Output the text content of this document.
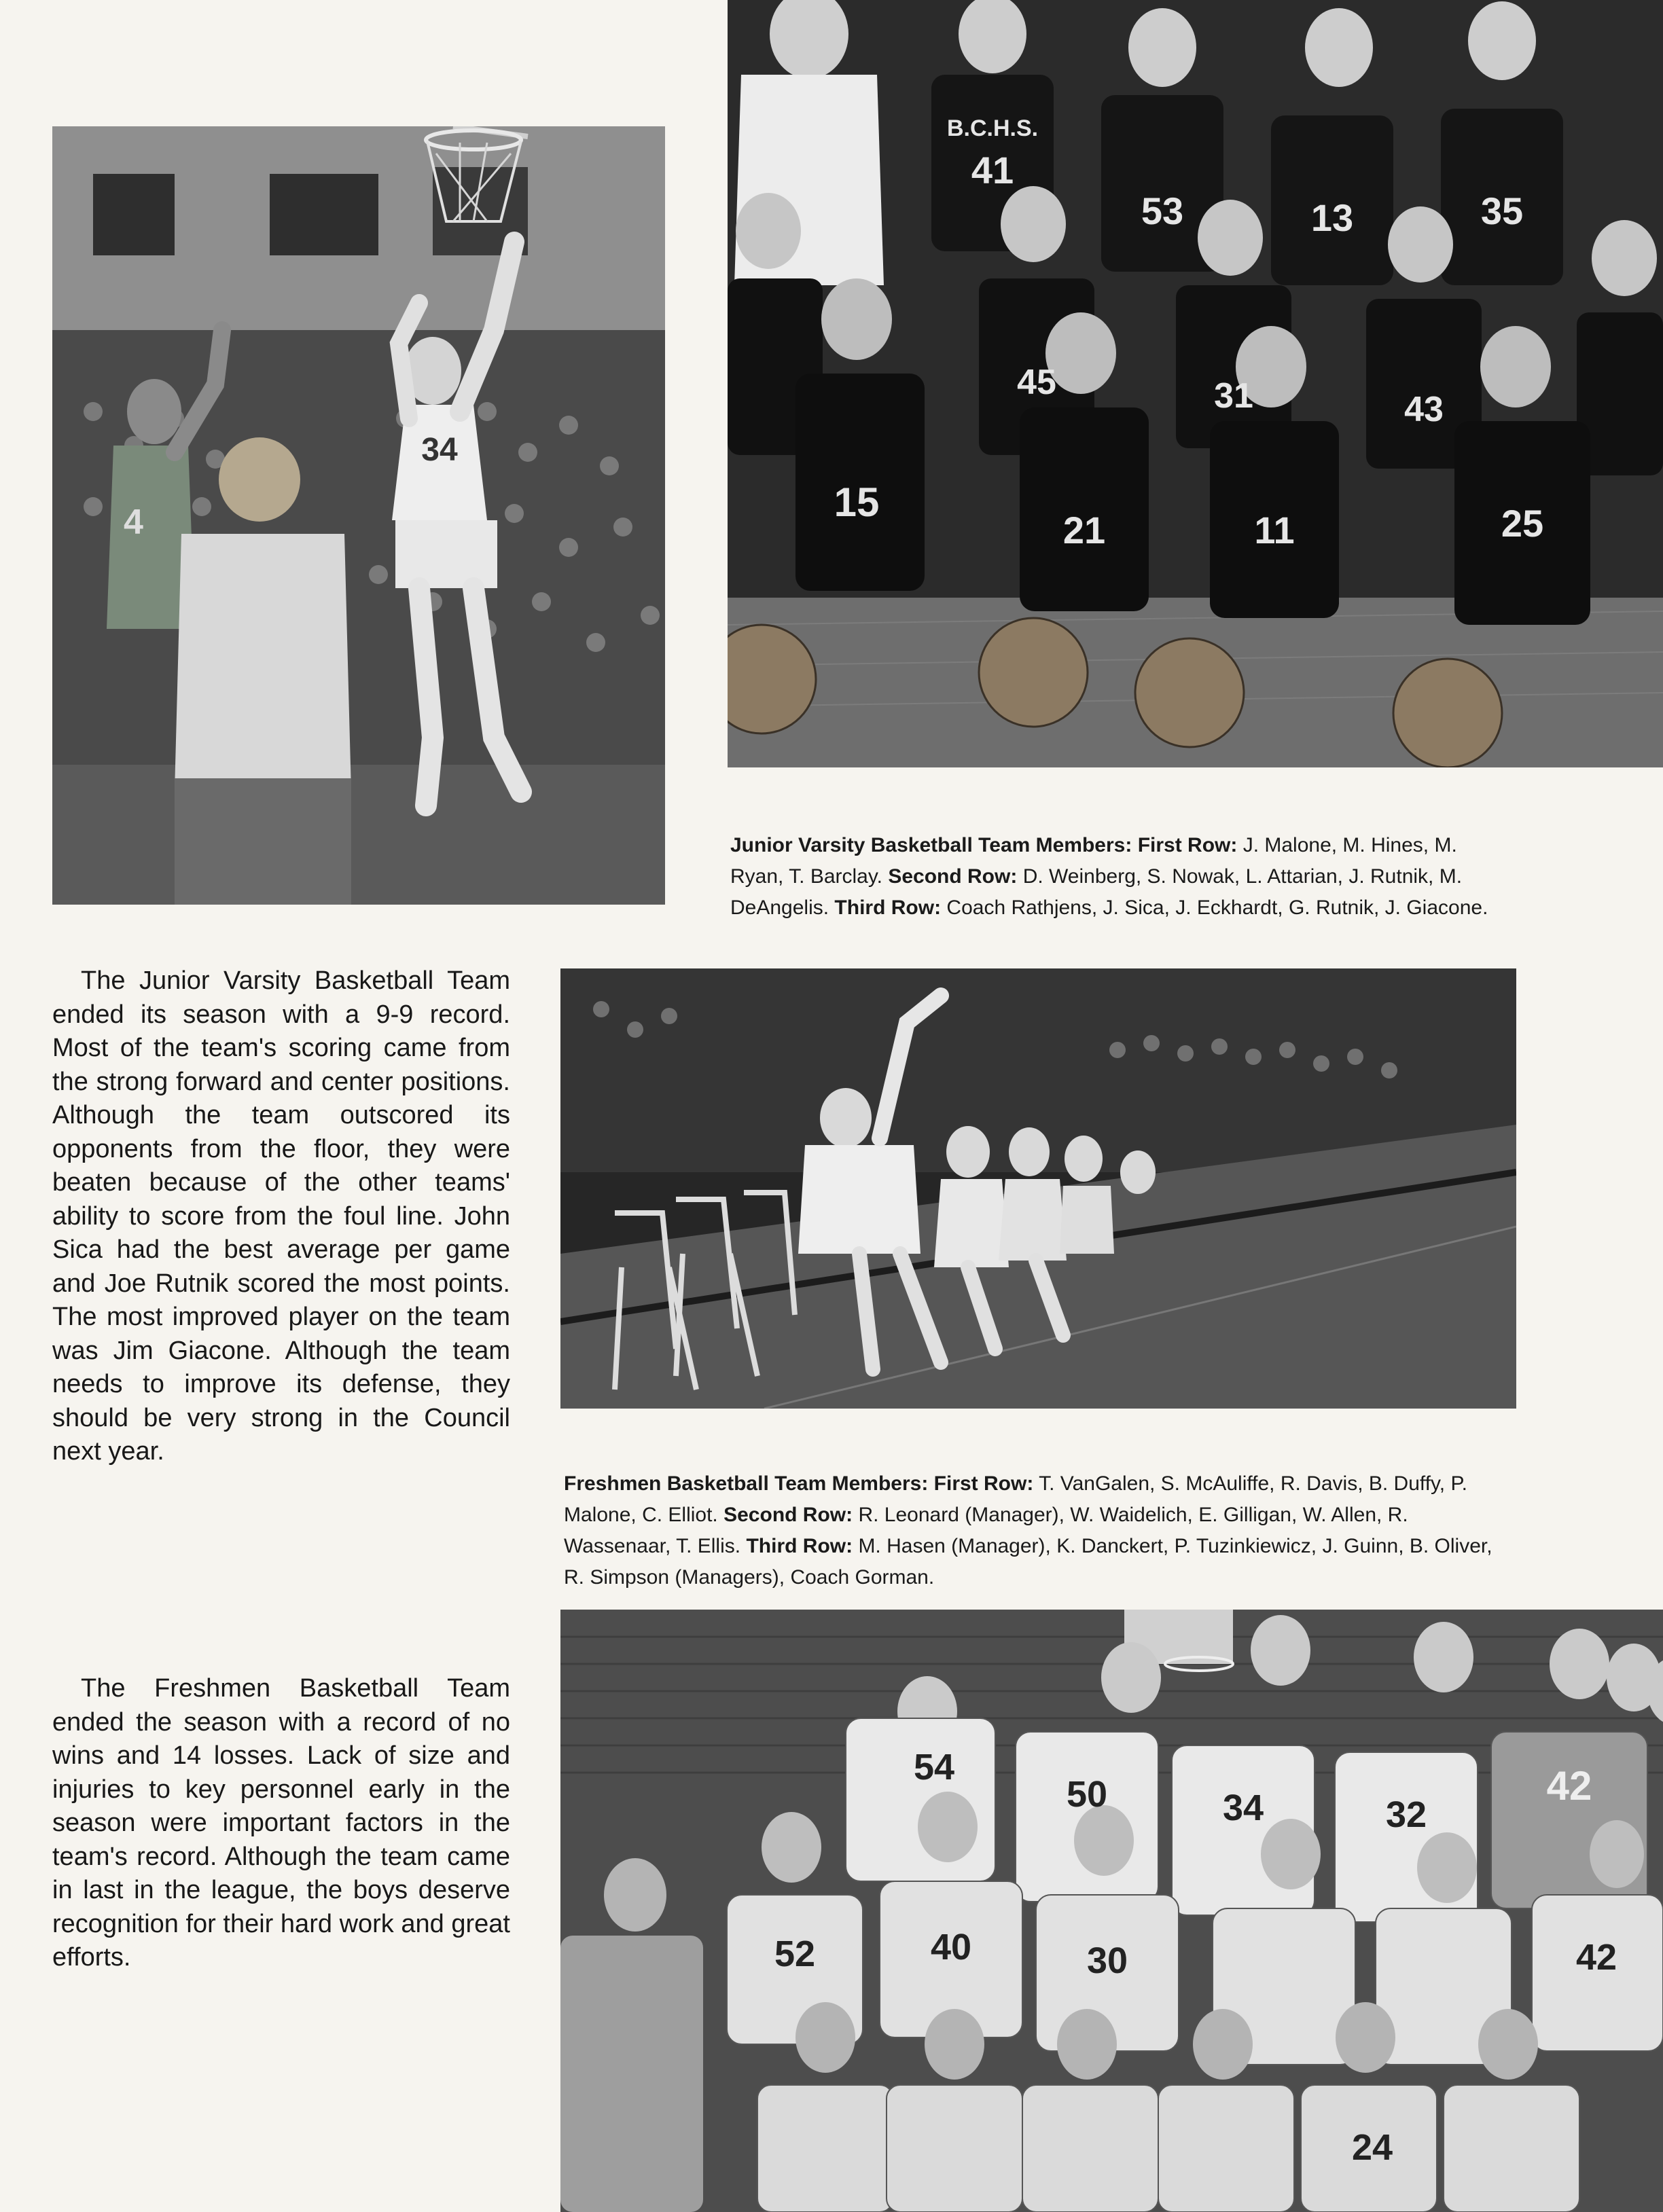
34
4
B.C.H.S.
41
53	13	35
45	31	43
15
21	11	25
Junior Varsity Basketball Team Members: First Row: J. Malone, M. Hines, M. Ryan, T. Barclay. Second Row: D. Weinberg, S. Nowak, L. Attarian, J. Rutnik, M. DeAngelis. Third Row: Coach Rathjens, J. Sica, J. Eckhardt, G. Rutnik, J. Giacone.

The Junior Varsity Basketball Team ended its season with a 9-9 record. Most of the team's scoring came from the strong forward and center positions. Although the team outscored its opponents from the floor, they were beaten because of the other teams' ability to score from the foul line. John Sica had the best average per game and Joe Rutnik scored the most points. The most improved player on the team was Jim Giacone. Although the team needs to improve its defense, they should be very strong in the Council next year.

Freshmen Basketball Team Members: First Row: T. VanGalen, S. McAuliffe, R. Davis, B. Duffy, P. Malone, C. Elliot. Second Row: R. Leonard (Manager), W. Waidelich, E. Gilligan, W. Allen, R. Wassenaar, T. Ellis. Third Row: M. Hasen (Manager), K. Danckert, P. Tuzinkiewicz, J. Guinn, B. Oliver, R. Simpson (Managers), Coach Gorman.

The Freshmen Basketball Team ended the season with a record of no wins and 14 losses. Lack of size and injuries to key personnel early in the season were important factors in the team's record. Although the team came in last in the league, the boys deserve recognition for their hard work and great efforts.

54
50	34	32
42
52	40	30	42
24
